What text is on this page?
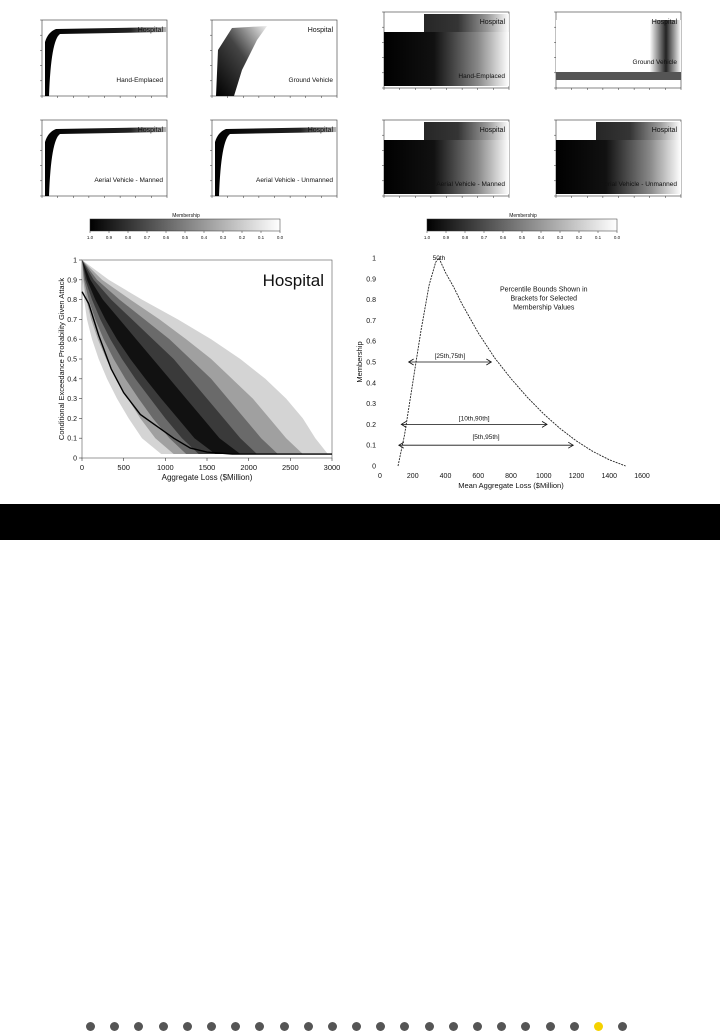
Hospital
Hand-Emplaced
Hospital
Ground Vehicle
Hospital
Hand-Emplaced
Hospital
Ground Vehicle
Hospital
Aerial Vehicle - Manned
Hospital
Aerial Vehicle - Unmanned
Hospital
Aerial Vehicle - Manned
Hospital
Aerial Vehicle - Unmanned
Membership
1.0	0.9	0.8	0.7	0.6	0.5	0.4	0.3	0.2	0.1	0.0
Membership
1.0	0.9	0.8	0.7	0.6	0.5	0.4	0.3	0.2	0.1	0.0
0	500	1000	1500	2000	2500	3000
0
0.1
0.2
0.3
0.4
0.5
0.6
0.7
0.8
0.9
1
Hospital
Aggregate Loss ($Million)
Conditional Exceedance Probability Given Attack
0	200	400	600	800	1000 1200 1400 1600
0
0.1
0.2
0.3
0.4
0.5
0.6
0.7
0.8
0.9
1	50th
Percentile Bounds Shown in Brackets for Selected Membership Values
[25th,75th]
[10th,90th]
[5th,95th]
Mean Aggregate Loss ($Million)
Membership
